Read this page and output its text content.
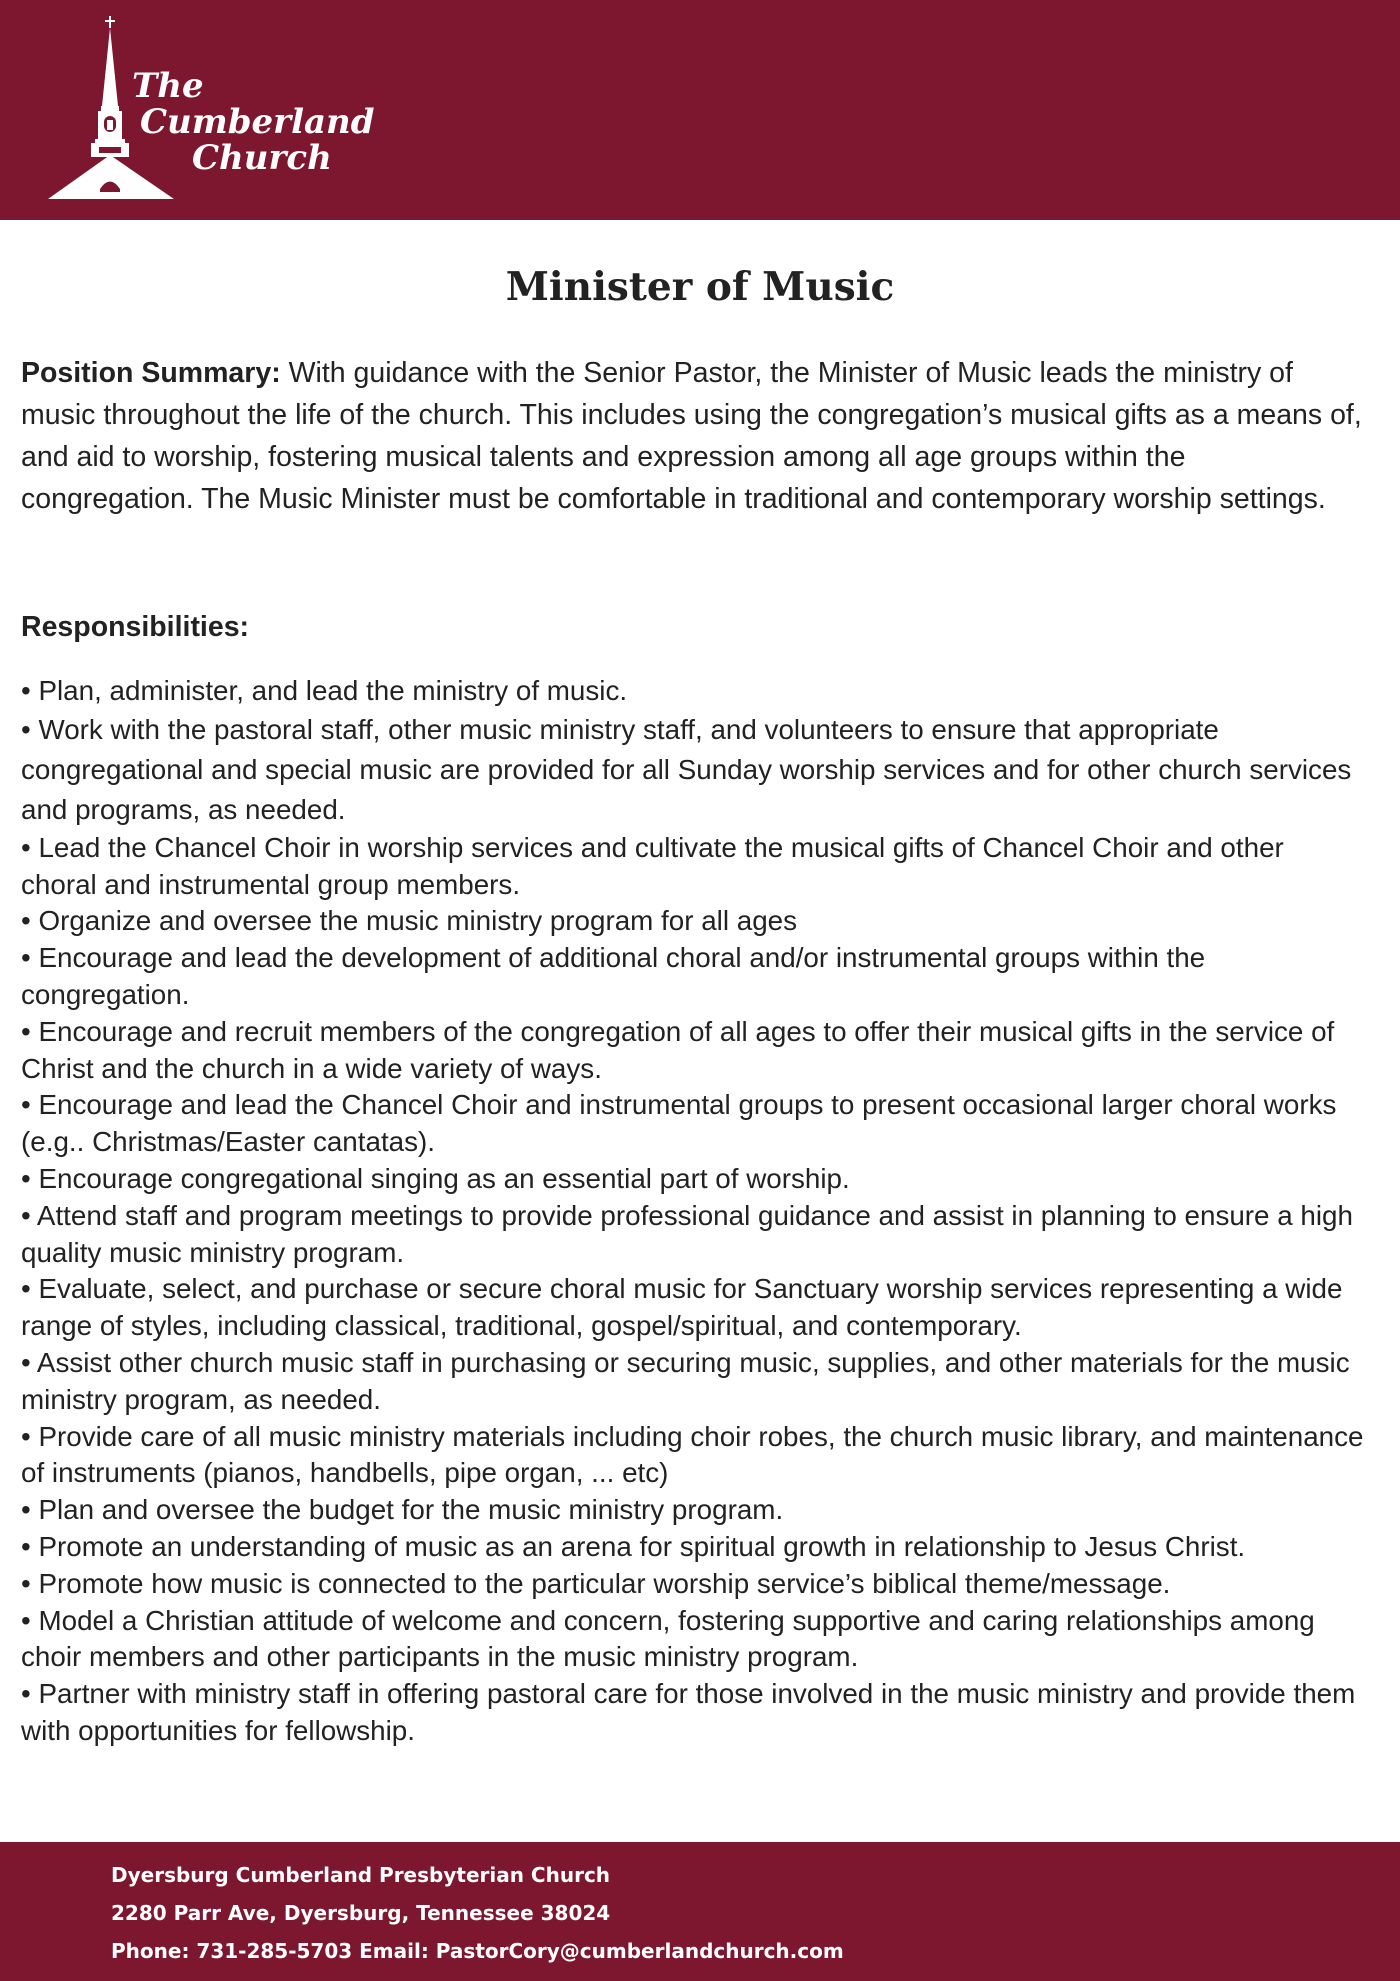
The
Cumberland
Church
Minister of Music

Position Summary: With guidance with the Senior Pastor, the Minister of Music leads the ministry of music throughout the life of the church. This includes using the congregation’s musical gifts as a means of, and aid to worship, fostering musical talents and expression among all age groups within the congregation. The Music Minister must be comfortable in traditional and contemporary worship settings.

Responsibilities:
• Plan, administer, and lead the ministry of music.
• Work with the pastoral staff, other music ministry staff, and volunteers to ensure that appropriate congregational and special music are provided for all Sunday worship services and for other church services and programs, as needed.
• Lead the Chancel Choir in worship services and cultivate the musical gifts of Chancel Choir and other choral and instrumental group members.
• Organize and oversee the music ministry program for all ages
• Encourage and lead the development of additional choral and/or instrumental groups within the congregation.
• Encourage and recruit members of the congregation of all ages to offer their musical gifts in the service of Christ and the church in a wide variety of ways.
• Encourage and lead the Chancel Choir and instrumental groups to present occasional larger choral works (e.g.. Christmas/Easter cantatas).
• Encourage congregational singing as an essential part of worship.
• Attend staff and program meetings to provide professional guidance and assist in planning to ensure a high quality music ministry program.
• Evaluate, select, and purchase or secure choral music for Sanctuary worship services representing a wide range of styles, including classical, traditional, gospel/spiritual, and contemporary.
• Assist other church music staff in purchasing or securing music, supplies, and other materials for the music ministry program, as needed.
• Provide care of all music ministry materials including choir robes, the church music library, and maintenance of instruments (pianos, handbells, pipe organ, ... etc)
• Plan and oversee the budget for the music ministry program.
• Promote an understanding of music as an arena for spiritual growth in relationship to Jesus Christ.
• Promote how music is connected to the particular worship service’s biblical theme/message.
• Model a Christian attitude of welcome and concern, fostering supportive and caring relationships among choir members and other participants in the music ministry program.
• Partner with ministry staff in offering pastoral care for those involved in the music ministry and provide them with opportunities for fellowship.
Dyersburg Cumberland Presbyterian Church
2280 Parr Ave, Dyersburg, Tennessee 38024
Phone: 731-285-5703 Email: PastorCory@cumberlandchurch.com
